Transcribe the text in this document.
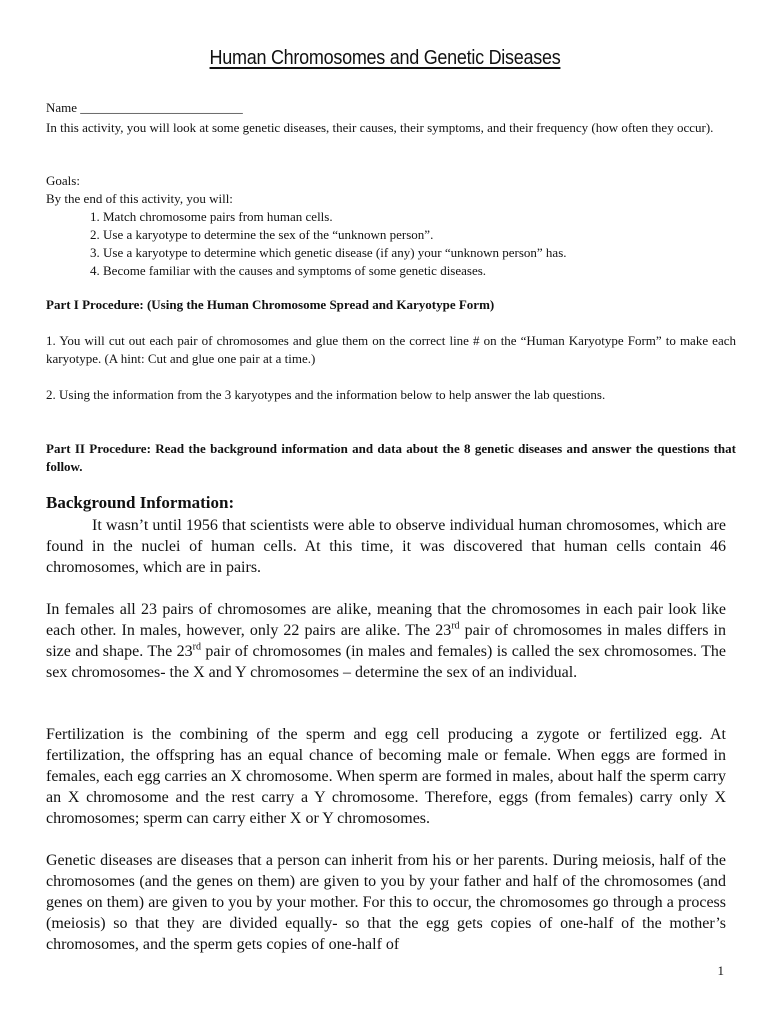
Human Chromosomes and Genetic Diseases

Name _________________________

In this activity, you will look at some genetic diseases, their causes, their symptoms, and their frequency (how often they occur).

Goals:

By the end of this activity, you will:

1. Match chromosome pairs from human cells.

2. Use a karyotype to determine the sex of the “unknown person”.

3. Use a karyotype to determine which genetic disease (if any) your “unknown person” has.

4. Become familiar with the causes and symptoms of some genetic diseases.

Part I Procedure: (Using the Human Chromosome Spread and Karyotype Form)

1. You will cut out each pair of chromosomes and glue them on the correct line # on the “Human Karyotype Form” to make each karyotype. (A hint: Cut and glue one pair at a time.)

2. Using the information from the 3 karyotypes and the information below to help answer the lab questions.

Part II Procedure: Read the background information and data about the 8 genetic diseases and answer the questions that follow.

Background Information:

It wasn’t until 1956 that scientists were able to observe individual human chromosomes, which are found in the nuclei of human cells. At this time, it was discovered that human cells contain 46 chromosomes, which are in pairs.

In females all 23 pairs of chromosomes are alike, meaning that the chromosomes in each pair look like each other. In males, however, only 22 pairs are alike. The 23rd pair of chromosomes in males differs in size and shape. The 23rd pair of chromosomes (in males and females) is called the sex chromosomes. The sex chromosomes- the X and Y chromosomes – determine the sex of an individual.

Fertilization is the combining of the sperm and egg cell producing a zygote or fertilized egg. At fertilization, the offspring has an equal chance of becoming male or female. When eggs are formed in females, each egg carries an X chromosome. When sperm are formed in males, about half the sperm carry an X chromosome and the rest carry a Y chromosome. Therefore, eggs (from females) carry only X chromosomes; sperm can carry either X or Y chromosomes.

Genetic diseases are diseases that a person can inherit from his or her parents. During meiosis, half of the chromosomes (and the genes on them) are given to you by your father and half of the chromosomes (and genes on them) are given to you by your mother. For this to occur, the chromosomes go through a process (meiosis) so that they are divided equally- so that the egg gets copies of one-half of the mother’s chromosomes, and the sperm gets copies of one-half of

1
